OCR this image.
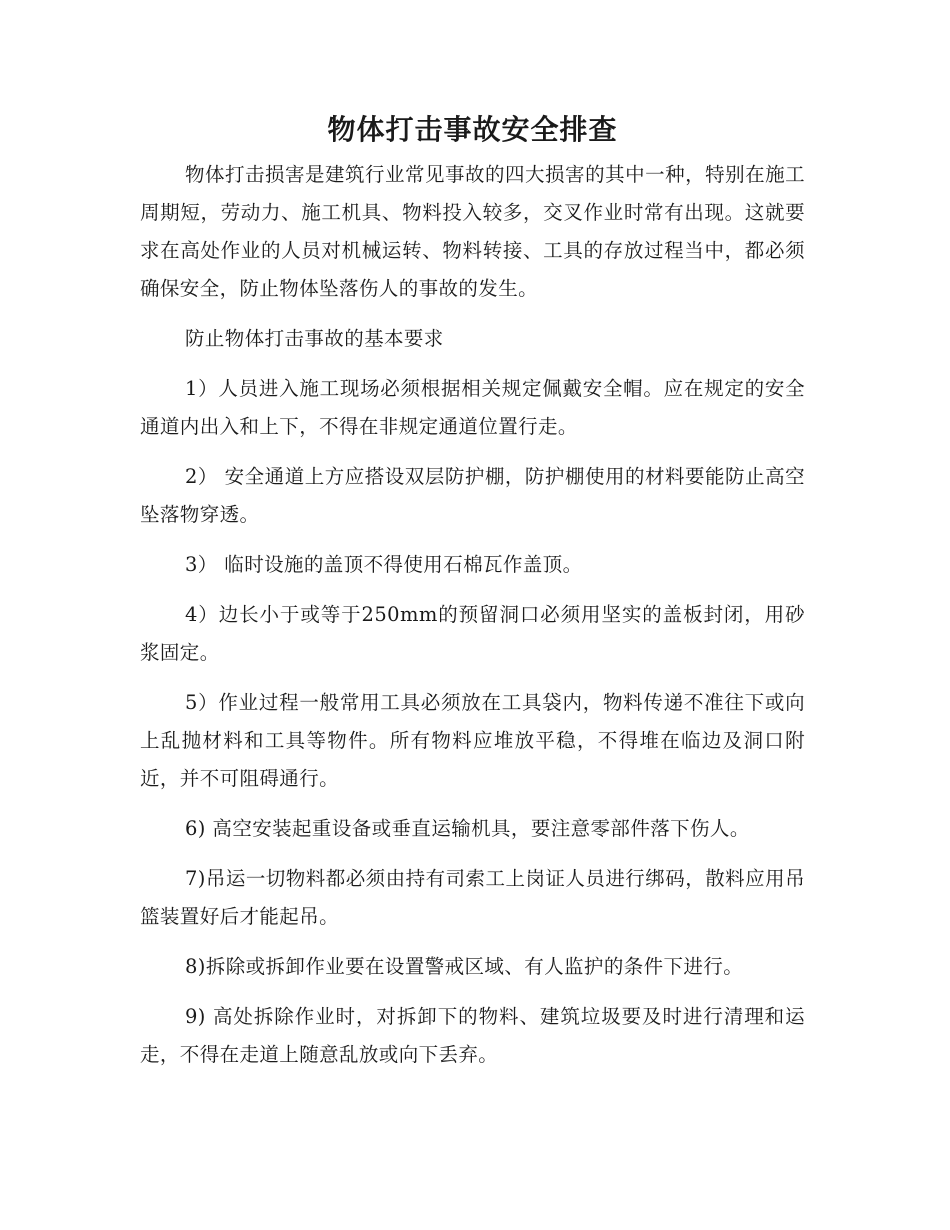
物体打击事故安全排查

物体打击损害是建筑行业常见事故的四大损害的其中一种，特别在施工周期短，劳动力、施工机具、物料投入较多，交叉作业时常有出现。这就要求在高处作业的人员对机械运转、物料转接、工具的存放过程当中，都必须确保安全，防止物体坠落伤人的事故的发生。

防止物体打击事故的基本要求

1）人员进入施工现场必须根据相关规定佩戴安全帽。应在规定的安全通道内出入和上下，不得在非规定通道位置行走。

2） 安全通道上方应搭设双层防护棚，防护棚使用的材料要能防止高空坠落物穿透。

3） 临时设施的盖顶不得使用石棉瓦作盖顶。

4）边长小于或等于250mm的预留洞口必须用坚实的盖板封闭，用砂浆固定。

5）作业过程一般常用工具必须放在工具袋内，物料传递不准往下或向上乱抛材料和工具等物件。所有物料应堆放平稳，不得堆在临边及洞口附近，并不可阻碍通行。

6) 高空安装起重设备或垂直运输机具，要注意零部件落下伤人。

7)吊运一切物料都必须由持有司索工上岗证人员进行绑码，散料应用吊篮装置好后才能起吊。

8)拆除或拆卸作业要在设置警戒区域、有人监护的条件下进行。

9) 高处拆除作业时，对拆卸下的物料、建筑垃圾要及时进行清理和运走，不得在走道上随意乱放或向下丢弃。
